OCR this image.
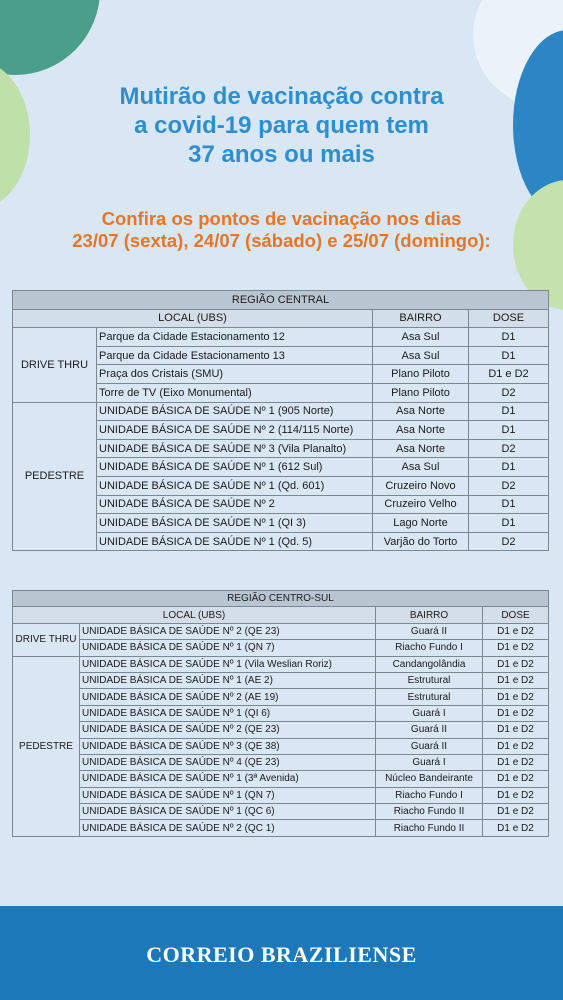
Mutirão de vacinação contra
a covid-19 para quem tem
37 anos ou mais
Confira os pontos de vacinação nos dias
23/07 (sexta), 24/07 (sábado) e 25/07 (domingo):
REGIÃO CENTRAL			
LOCAL (UBS)		BAIRRO	DOSE
DRIVE THRU	Parque da Cidade Estacionamento 12	Asa Sul	D1
	Parque da Cidade Estacionamento 13	Asa Sul	D1
	Praça dos Cristais (SMU)	Plano Piloto	D1 e D2
	Torre de TV (Eixo Monumental)	Plano Piloto	D2
PEDESTRE	UNIDADE BÁSICA DE SAÚDE Nº 1 (905 Norte)	Asa Norte	D1
	UNIDADE BÁSICA DE SAÚDE Nº 2 (114/115 Norte)	Asa Norte	D1
	UNIDADE BÁSICA DE SAÚDE Nº 3 (Vila Planalto)	Asa Norte	D2
	UNIDADE BÁSICA DE SAÚDE Nº 1 (612 Sul)	Asa Sul	D1
	UNIDADE BÁSICA DE SAÚDE Nº 1 (Qd. 601)	Cruzeiro Novo	D2
	UNIDADE BÁSICA DE SAÚDE Nº 2	Cruzeiro Velho	D1
	UNIDADE BÁSICA DE SAÚDE Nº 1 (QI 3)	Lago Norte	D1
	UNIDADE BÁSICA DE SAÚDE Nº 1 (Qd. 5)	Varjão do Torto	D2
REGIÃO CENTRO-SUL			
LOCAL (UBS)		BAIRRO	DOSE
DRIVE THRU	UNIDADE BÁSICA DE SAÚDE Nº 2 (QE 23)	Guará II	D1 e D2
	UNIDADE BÁSICA DE SAÚDE Nº 1 (QN 7)	Riacho Fundo I	D1 e D2
PEDESTRE	UNIDADE BÁSICA DE SAÚDE Nº 1 (Vila Weslian Roriz)	Candangolândia	D1 e D2
	UNIDADE BÁSICA DE SAÚDE Nº 1 (AE 2)	Estrutural	D1 e D2
	UNIDADE BÁSICA DE SAÚDE Nº 2 (AE 19)	Estrutural	D1 e D2
	UNIDADE BÁSICA DE SAÚDE Nº 1 (QI 6)	Guará I	D1 e D2
	UNIDADE BÁSICA DE SAÚDE Nº 2 (QE 23)	Guará II	D1 e D2
	UNIDADE BÁSICA DE SAÚDE Nº 3 (QE 38)	Guará II	D1 e D2
	UNIDADE BÁSICA DE SAÚDE Nº 4 (QE 23)	Guará I	D1 e D2
	UNIDADE BÁSICA DE SAÚDE Nº 1 (3ª Avenida)	Núcleo Bandeirante	D1 e D2
	UNIDADE BÁSICA DE SAÚDE Nº 1 (QN 7)	Riacho Fundo I	D1 e D2
	UNIDADE BÁSICA DE SAÚDE Nº 1 (QC 6)	Riacho Fundo II	D1 e D2
	UNIDADE BÁSICA DE SAÚDE Nº 2 (QC 1)	Riacho Fundo II	D1 e D2
CORREIO BRAZILIENSE
